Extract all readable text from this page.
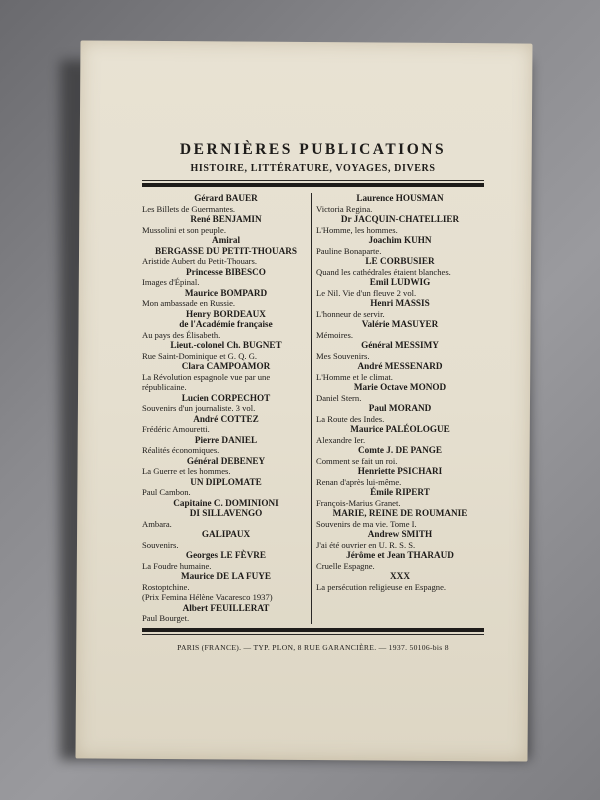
DERNIÈRES PUBLICATIONS
HISTOIRE, LITTÉRATURE, VOYAGES, DIVERS
Gérard BAUER
Les Billets de Guermantes.
René BENJAMIN
Mussolini et son peuple.
Amiral
BERGASSE DU PETIT-THOUARS
Aristide Aubert du Petit-Thouars.
Princesse BIBESCO
Images d'Épinal.
Maurice BOMPARD
Mon ambassade en Russie.
Henry BORDEAUX
de l'Académie française
Au pays des Élisabeth.
Lieut.-colonel Ch. BUGNET
Rue Saint-Dominique et G. Q. G.
Clara CAMPOAMOR
La Révolution espagnole vue par une républicaine.
Lucien CORPECHOT
Souvenirs d'un journaliste. 3 vol.
André COTTEZ
Frédéric Amouretti.
Pierre DANIEL
Réalités économiques.
Général DEBENEY
La Guerre et les hommes.
UN DIPLOMATE
Paul Cambon.
Capitaine C. DOMINIONI
DI SILLAVENGO
Ambara.
GALIPAUX
Souvenirs.
Georges LE FÈVRE
La Foudre humaine.
Maurice DE LA FUYE
Rostoptchine.
(Prix Femina Hélène Vacaresco 1937)
Albert FEUILLERAT
Paul Bourget.
Laurence HOUSMAN
Victoria Regina.
Dr JACQUIN-CHATELLIER
L'Homme, les hommes.
Joachim KUHN
Pauline Bonaparte.
LE CORBUSIER
Quand les cathédrales étaient blanches.
Emil LUDWIG
Le Nil. Vie d'un fleuve 2 vol.
Henri MASSIS
L'honneur de servir.
Valérie MASUYER
Mémoires.
Général MESSIMY
Mes Souvenirs.
André MESSENARD
L'Homme et le climat.
Marie Octave MONOD
Daniel Stern.
Paul MORAND
La Route des Indes.
Maurice PALÉOLOGUE
Alexandre Ier.
Comte J. DE PANGE
Comment se fait un roi.
Henriette PSICHARI
Renan d'après lui-même.
Émile RIPERT
François-Marius Granet.
MARIE, REINE DE ROUMANIE
Souvenirs de ma vie. Tome I.
Andrew SMITH
J'ai été ouvrier en U. R. S. S.
Jérôme et Jean THARAUD
Cruelle Espagne.
XXX
La persécution religieuse en Espagne.
PARIS (FRANCE). — TYP. PLON, 8 RUE GARANCIÈRE. — 1937. 50106-bis 8
